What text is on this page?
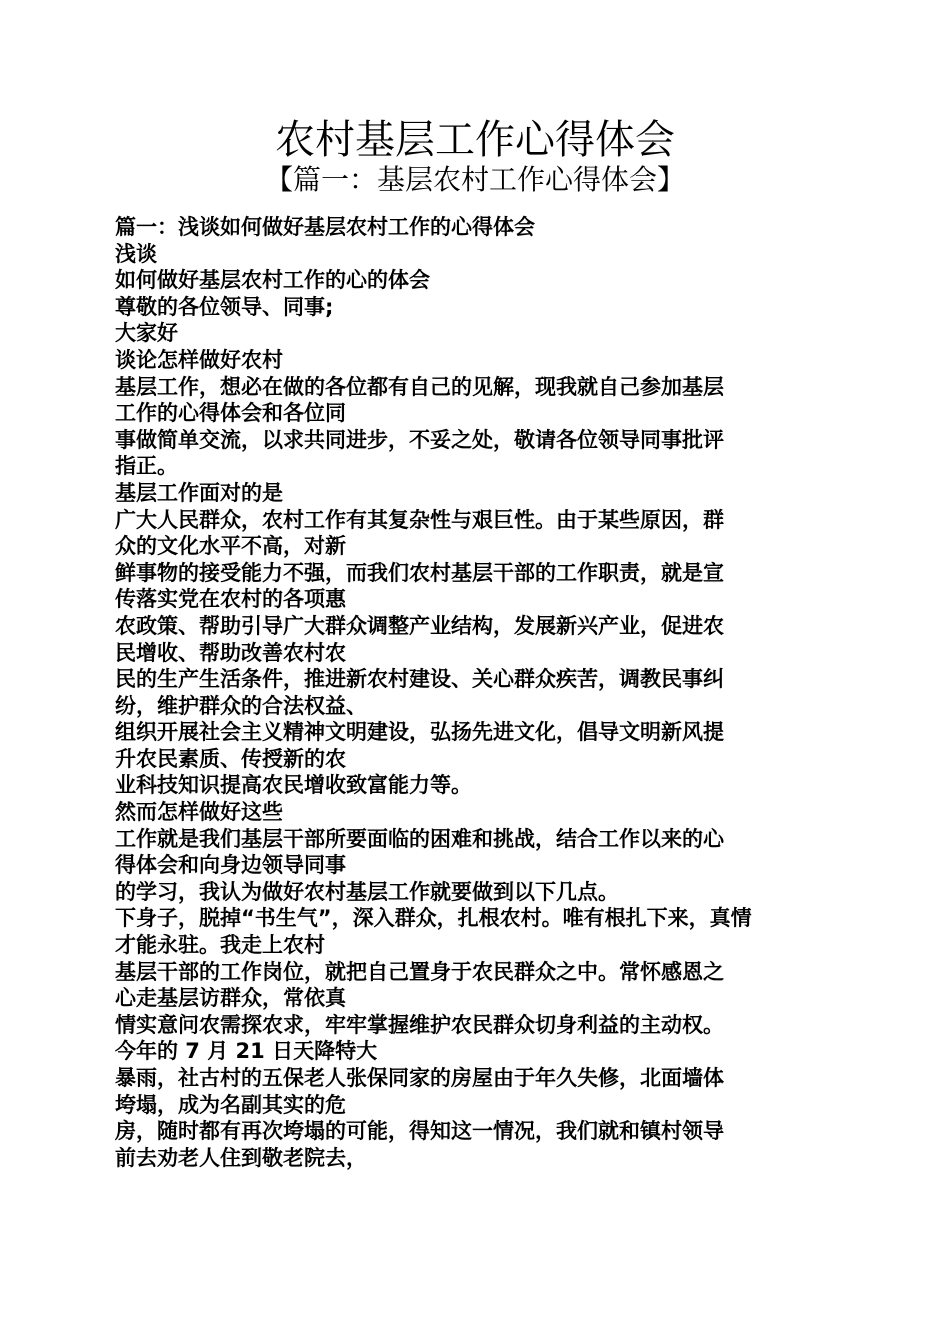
农村基层工作心得体会
【篇一：基层农村工作心得体会】
篇一：浅谈如何做好基层农村工作的心得体会
浅谈
如何做好基层农村工作的心的体会
尊敬的各位领导、同事;
大家好
谈论怎样做好农村
基层工作，想必在做的各位都有自己的见解，现我就自己参加基层
工作的心得体会和各位同
事做简单交流，以求共同进步，不妥之处，敬请各位领导同事批评
指正。
基层工作面对的是
广大人民群众，农村工作有其复杂性与艰巨性。由于某些原因，群
众的文化水平不高，对新
鲜事物的接受能力不强，而我们农村基层干部的工作职责，就是宣
传落实党在农村的各项惠
农政策、帮助引导广大群众调整产业结构，发展新兴产业，促进农
民增收、帮助改善农村农
民的生产生活条件，推进新农村建设、关心群众疾苦，调教民事纠
纷，维护群众的合法权益、
组织开展社会主义精神文明建设，弘扬先进文化，倡导文明新风提
升农民素质、传授新的农
业科技知识提高农民增收致富能力等。
然而怎样做好这些
工作就是我们基层干部所要面临的困难和挑战，结合工作以来的心
得体会和向身边领导同事
的学习，我认为做好农村基层工作就要做到以下几点。
下身子，脱掉“书生气”，深入群众，扎根农村。唯有根扎下来，真情
才能永驻。我走上农村
基层干部的工作岗位，就把自己置身于农民群众之中。常怀感恩之
心走基层访群众，常依真
情实意问农需探农求，牢牢掌握维护农民群众切身利益的主动权。
今年的 7 月 21 日天降特大
暴雨，社古村的五保老人张保同家的房屋由于年久失修，北面墙体
垮塌，成为名副其实的危
房，随时都有再次垮塌的可能，得知这一情况，我们就和镇村领导
前去劝老人住到敬老院去，
